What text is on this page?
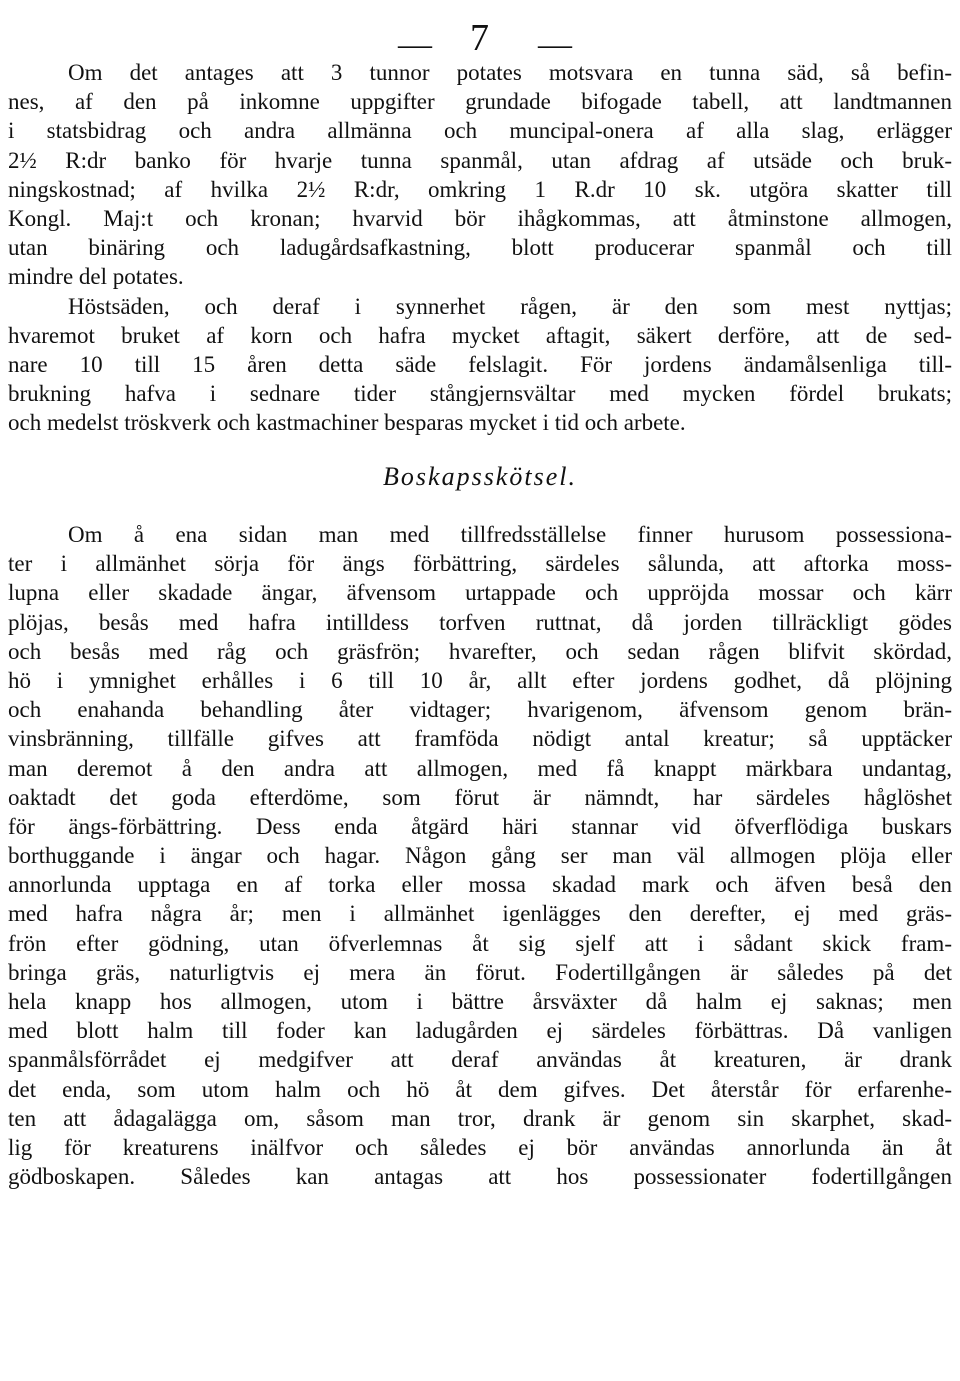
— 7 —
Om det antages att 3 tunnor potates motsvara en tunna säd, så befin-
nes, af den på inkomne uppgifter grundade bifogade tabell, att landtmannen
i statsbidrag och andra allmänna och muncipal-onera af alla slag, erlägger
2½ R:dr banko för hvarje tunna spanmål, utan afdrag af utsäde och bruk-
ningskostnad; af hvilka 2½ R:dr, omkring 1 R.dr 10 sk. utgöra skatter till
Kongl. Maj:t och kronan; hvarvid bör ihågkommas, att åtminstone allmogen,
utan binäring och ladugårdsafkastning, blott producerar spanmål och till
mindre del potates.
Höstsäden, och deraf i synnerhet rågen, är den som mest nyttjas;
hvaremot bruket af korn och hafra mycket aftagit, säkert derföre, att de sed-
nare 10 till 15 åren detta säde felslagit. För jordens ändamålsenliga till-
brukning hafva i sednare tider stångjernsvältar med mycken fördel brukats;
och medelst tröskverk och kastmachiner besparas mycket i tid och arbete.
Boskapsskötsel.
Om å ena sidan man med tillfredsställelse finner hurusom possessiona-
ter i allmänhet sörja för ängs förbättring, särdeles sålunda, att aftorka moss-
lupna eller skadade ängar, äfvensom urtappade och uppröjda mossar och kärr
plöjas, besås med hafra intilldess torfven ruttnat, då jorden tillräckligt gödes
och besås med råg och gräsfrön; hvarefter, och sedan rågen blifvit skördad,
hö i ymnighet erhålles i 6 till 10 år, allt efter jordens godhet, då plöjning
och enahanda behandling åter vidtager; hvarigenom, äfvensom genom brän-
vinsbränning, tillfälle gifves att framföda nödigt antal kreatur; så upptäcker
man deremot å den andra att allmogen, med få knappt märkbara undantag,
oaktadt det goda efterdöme, som förut är nämndt, har särdeles håglöshet
för ängs-förbättring. Dess enda åtgärd häri stannar vid öfverflödiga buskars
borthuggande i ängar och hagar. Någon gång ser man väl allmogen plöja eller
annorlunda upptaga en af torka eller mossa skadad mark och äfven beså den
med hafra några år; men i allmänhet igenlägges den derefter, ej med gräs-
frön efter gödning, utan öfverlemnas åt sig sjelf att i sådant skick fram-
bringa gräs, naturligtvis ej mera än förut. Fodertillgången är således på det
hela knapp hos allmogen, utom i bättre årsväxter då halm ej saknas; men
med blott halm till foder kan ladugården ej särdeles förbättras. Då vanligen
spanmålsförrådet ej medgifver att deraf användas åt kreaturen, är drank
det enda, som utom halm och hö åt dem gifves. Det återstår för erfarenhe-
ten att ådagalägga om, såsom man tror, drank är genom sin skarphet, skad-
lig för kreaturens inälfvor och således ej bör användas annorlunda än åt
gödboskapen. Således kan antagas att hos possessionater fodertillgången
